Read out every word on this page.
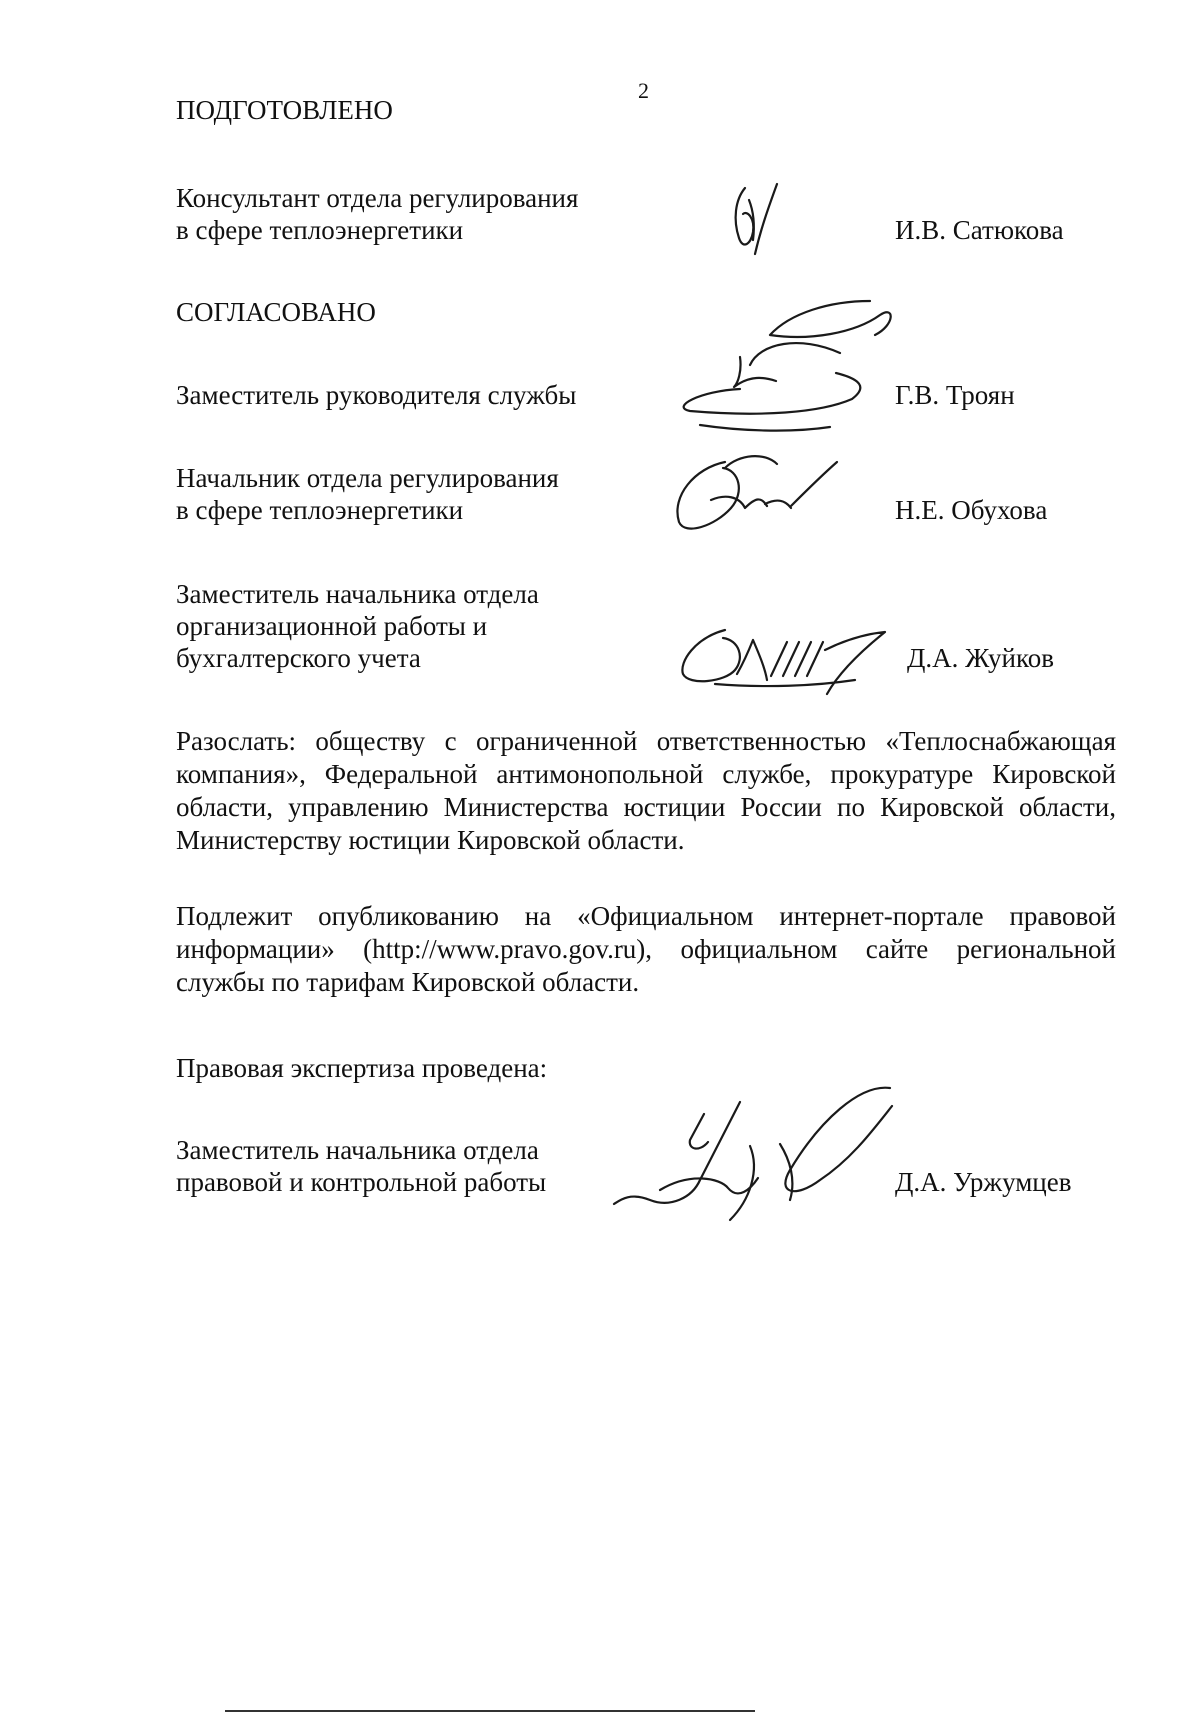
2

ПОДГОТОВЛЕНО

Консультант отдела регулирования

в сфере теплоэнергетики	И.В. Сатюкова

СОГЛАСОВАНО

Заместитель руководителя службы	Г.В. Троян

Начальник отдела регулирования

в сфере теплоэнергетики	Н.Е. Обухова

Заместитель начальника отдела

организационной работы и

бухгалтерского учета	Д.А. Жуйков

Разослать: обществу с ограниченной ответственностью «Теплоснабжающая компания», Федеральной антимонопольной службе, прокуратуре Кировской области, управлению Министерства юстиции России по Кировской области, Министерству юстиции Кировской области.

Подлежит опубликованию на «Официальном интернет-портале правовой информации» (http://www.pravo.gov.ru), официальном сайте региональной службы по тарифам Кировской области.

Правовая экспертиза проведена:

Заместитель начальника отдела

правовой и контрольной работы	Д.А. Уржумцев
